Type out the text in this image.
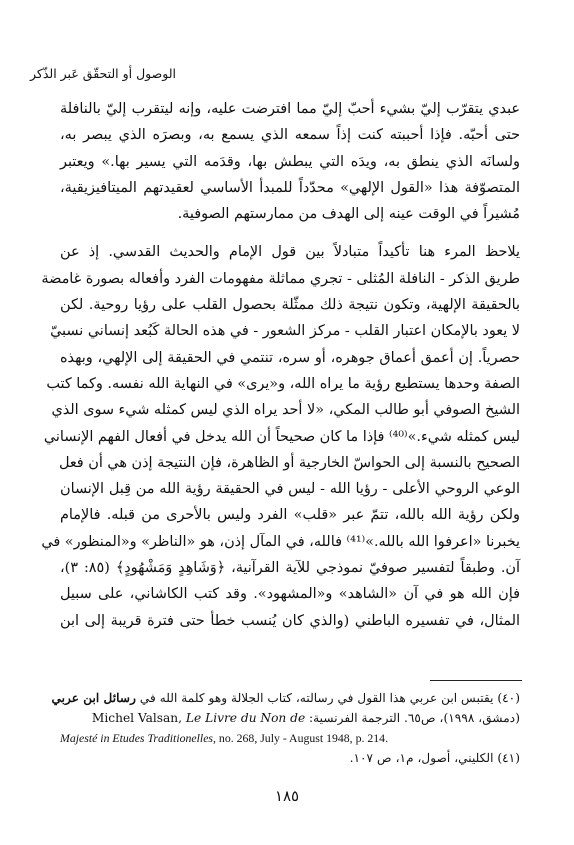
الوصول أو التحقّق عَبر الذّكر
عبدي يتقرّب إليّ بشيء أحبّ إليّ مما افترضت عليه، وإنه ليتقرب إليّ بالنافلة
حتى أحبّه. فإذا أحببته كنت إذاً سمعه الذي يسمع به، وبصرَه الذي يبصر به،
ولسانَه الذي ينطق به، ويدَه التي يبطش بها، وقدَمه التي يسير بها.» ويعتبر
المتصوّفة هذا «القول الإلهي» محدّداً للمبدأ الأساسي لعقيدتهم الميتافيزيقية،
مُشيراً في الوقت عينه إلى الهدف من ممارستهم الصوفية.
يلاحظ المرء هنا تأكيداً متبادلاً بين قول الإمام والحديث القدسي. إذ عن
طريق الذكر - النافلة المُثلى - تجري مماثلة مفهومات الفرد وأفعاله بصورة غامضة
بالحقيقة الإلهية، وتكون نتيجة ذلك ممثّلة بحصول القلب على رؤيا روحية. لكن
لا يعود بالإمكان اعتبار القلب - مركز الشعور - في هذه الحالة كَبُعد إنساني نسبيّ
حصرياً. إن أعمق أعماق جوهره، أو سره، تنتمي في الحقيقة إلى الإلهي، وبهذه
الصفة وحدها يستطيع رؤية ما يراه الله، و«يرى» في النهاية الله نفسه. وكما كتب
الشيخ الصوفي أبو طالب المكي، «لا أحد يراه الذي ليس كمثله شيء سوى الذي
ليس كمثله شيء.»⁽⁴⁰⁾ فإذا ما كان صحيحاً أن الله يدخل في أفعال الفهم الإنساني
الصحيح بالنسبة إلى الحواسّ الخارجية أو الظاهرة، فإن النتيجة إذن هي أن فعل
الوعي الروحي الأعلى - رؤيا الله - ليس في الحقيقة رؤية الله من قِبل الإنسان
ولكن رؤية الله بالله، تتمّ عبر «قلب» الفرد وليس بالأحرى من قبله. فالإمام
يخبرنا «اعرفوا الله بالله.»⁽⁴¹⁾ فالله، في المآل إذن، هو «الناظر» و«المنظور» في
آن. وطبقاً لتفسير صوفيّ نموذجي للآية القرآنية، ﴿وَشَاهِدٍ وَمَشْهُودٍ﴾ (٨٥: ٣)،
فإن الله هو في آن «الشاهد» و«المشهود». وقد كتب الكاشاني، على سبيل
المثال، في تفسيره الباطني (والذي كان يُنسب خطأ حتى فترة قريبة إلى ابن
(٤٠) يقتبس ابن عربي هذا القول في رسالته، كتاب الجلالة وهو كلمة الله في رسائل ابن عربي
(دمشق، ١٩٩٨)، ص٦٥. الترجمة الفرنسية: Michel Valsan, Le Livre du Non de
Majesté in Etudes Traditionelles, no. 268, July - August 1948, p. 214.
(٤١) الكليني، أصول، م١، ص ١٠٧.
١٨٥
